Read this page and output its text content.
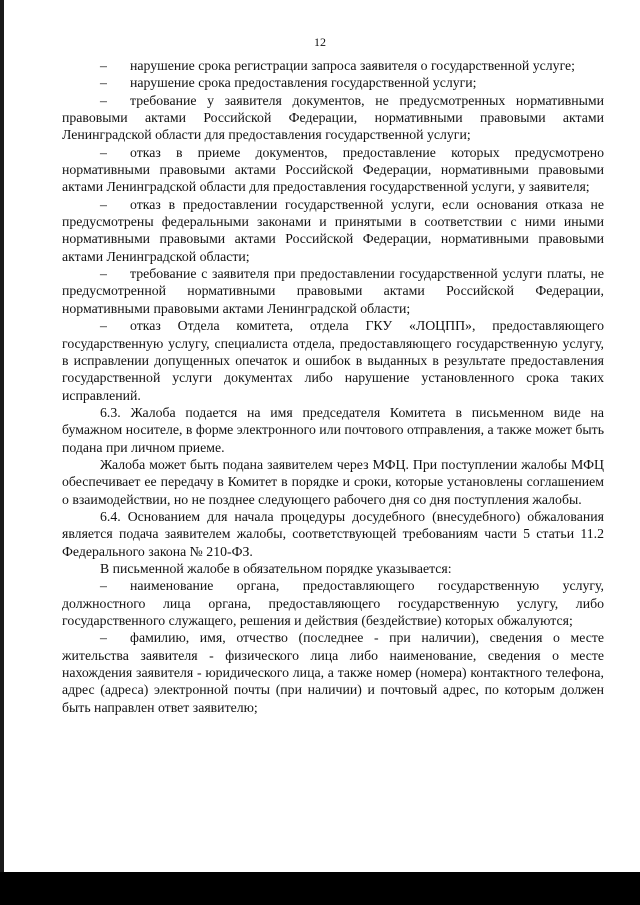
12

– нарушение срока регистрации запроса заявителя о государственной услуге;

– нарушение срока предоставления государственной услуги;

– требование у заявителя документов, не предусмотренных нормативными правовыми актами Российской Федерации, нормативными правовыми актами Ленинградской области для предоставления государственной услуги;

– отказ в приеме документов, предоставление которых предусмотрено нормативными правовыми актами Российской Федерации, нормативными правовыми актами Ленинградской области для предоставления государственной услуги, у заявителя;

– отказ в предоставлении государственной услуги, если основания отказа не предусмотрены федеральными законами и принятыми в соответствии с ними иными нормативными правовыми актами Российской Федерации, нормативными правовыми актами Ленинградской области;

– требование с заявителя при предоставлении государственной услуги платы, не предусмотренной нормативными правовыми актами Российской Федерации, нормативными правовыми актами Ленинградской области;

– отказ Отдела комитета, отдела ГКУ «ЛОЦПП», предоставляющего государственную услугу, специалиста отдела, предоставляющего государственную услугу, в исправлении допущенных опечаток и ошибок в выданных в результате предоставления государственной услуги документах либо нарушение установленного срока таких исправлений.

6.3. Жалоба подается на имя председателя Комитета в письменном виде на бумажном носителе, в форме электронного или почтового отправления, а также может быть подана при личном приеме.

Жалоба может быть подана заявителем через МФЦ. При поступлении жалобы МФЦ обеспечивает ее передачу в Комитет в порядке и сроки, которые установлены соглашением о взаимодействии, но не позднее следующего рабочего дня со дня поступления жалобы.

6.4. Основанием для начала процедуры досудебного (внесудебного) обжалования является подача заявителем жалобы, соответствующей требованиям части 5 статьи 11.2 Федерального закона № 210-ФЗ.

В письменной жалобе в обязательном порядке указывается:

– наименование органа, предоставляющего государственную услугу, должностного лица органа, предоставляющего государственную услугу, либо государственного служащего, решения и действия (бездействие) которых обжалуются;

– фамилию, имя, отчество (последнее - при наличии), сведения о месте жительства заявителя - физического лица либо наименование, сведения о месте нахождения заявителя - юридического лица, а также номер (номера) контактного телефона, адрес (адреса) электронной почты (при наличии) и почтовый адрес, по которым должен быть направлен ответ заявителю;
